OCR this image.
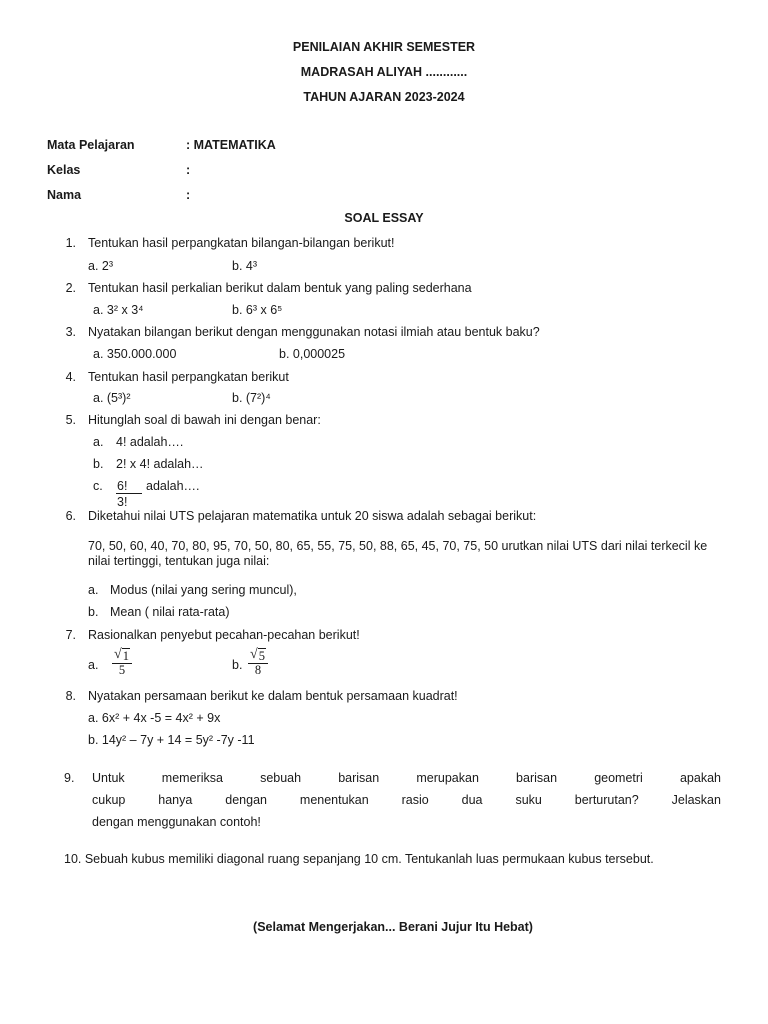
PENILAIAN AKHIR SEMESTER
MADRASAH ALIYAH ............
TAHUN AJARAN 2023-2024
Mata Pelajaran	: MATEMATIKA
Kelas	:
Nama	:
SOAL ESSAY
1. Tentukan hasil perpangkatan bilangan-bilangan berikut!
a. 2³	b. 4³
2. Tentukan hasil perkalian berikut dalam bentuk yang paling sederhana
a. 3² x 3⁴	b. 6³ x 6⁵
3. Nyatakan bilangan berikut dengan menggunakan notasi ilmiah atau bentuk baku?
a. 350.000.000	b. 0,000025
4. Tentukan hasil perpangkatan berikut
a. (5³)²	b. (7²)⁴
5. Hitunglah soal di bawah ini dengan benar:
a. 4! adalah….
b. 2! x 4! adalah…
c. $\frac{6!}{3!}$ adalah….
6. Diketahui nilai UTS pelajaran matematika untuk 20 siswa adalah sebagai berikut:
70, 50, 60, 40, 70, 80, 95, 70, 50, 80, 65, 55, 75, 50, 88, 65, 45, 70, 75, 50 urutkan nilai UTS dari nilai terkecil ke
nilai tertinggi, tentukan juga nilai:
a. Modus (nilai yang sering muncul),
b. Mean ( nilai rata-rata)
7. Rasionalkan penyebut pecahan-pecahan berikut!
a. $\frac{√ 1}{5}$	b. $\frac{√ 5}{8}$
8. Nyatakan persamaan berikut ke dalam bentuk persamaan kuadrat!
a. 6x² + 4x -5 = 4x² + 9x
b. 14y² – 7y + 14 = 5y² -7y -11
9. Untuk	memeriksa	sebuah	barisan	merupakan	barisan	geometri	apakah
cukup	hanya	dengan	menentukan	rasio	dua	suku	berturutan?	Jelaskan
dengan menggunakan contoh!
10. Sebuah kubus memiliki diagonal ruang sepanjang 10 cm. Tentukanlah luas permukaan kubus tersebut.
(Selamat Mengerjakan... Berani Jujur Itu Hebat)
